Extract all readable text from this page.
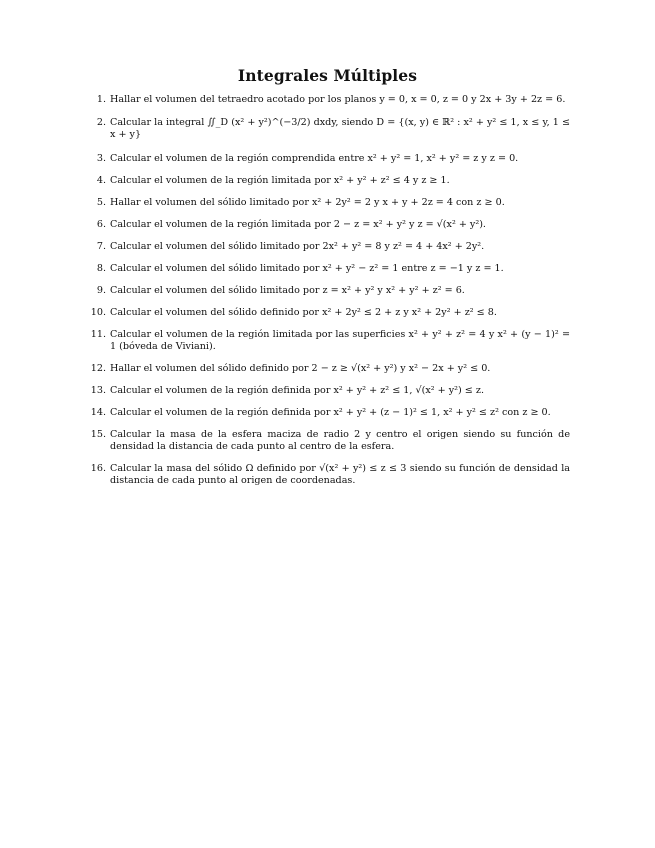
Integrales Múltiples
1. Hallar el volumen del tetraedro acotado por los planos y = 0, x = 0, z = 0 y 2x + 3y + 2z = 6.
2. Calcular la integral ∬_D (x² + y²)^(−3/2) dxdy, siendo D = {(x, y) ∈ ℝ² : x² + y² ≤ 1, x ≤ y, 1 ≤ x + y}
3. Calcular el volumen de la región comprendida entre x² + y² = 1, x² + y² = z y z = 0.
4. Calcular el volumen de la región limitada por x² + y² + z² ≤ 4 y z ≥ 1.
5. Hallar el volumen del sólido limitado por x² + 2y² = 2 y x + y + 2z = 4 con z ≥ 0.
6. Calcular el volumen de la región limitada por 2 − z = x² + y² y z = √(x² + y²).
7. Calcular el volumen del sólido limitado por 2x² + y² = 8 y z² = 4 + 4x² + 2y².
8. Calcular el volumen del sólido limitado por x² + y² − z² = 1 entre z = −1 y z = 1.
9. Calcular el volumen del sólido limitado por z = x² + y² y x² + y² + z² = 6.
10. Calcular el volumen del sólido definido por x² + 2y² ≤ 2 + z y x² + 2y² + z² ≤ 8.
11. Calcular el volumen de la región limitada por las superficies x² + y² + z² = 4 y x² + (y − 1)² = 1 (bóveda de Viviani).
12. Hallar el volumen del sólido definido por 2 − z ≥ √(x² + y²) y x² − 2x + y² ≤ 0.
13. Calcular el volumen de la región definida por x² + y² + z² ≤ 1, √(x² + y²) ≤ z.
14. Calcular el volumen de la región definida por x² + y² + (z − 1)² ≤ 1, x² + y² ≤ z² con z ≥ 0.
15. Calcular la masa de la esfera maciza de radio 2 y centro el origen siendo su función de densidad la distancia de cada punto al centro de la esfera.
16. Calcular la masa del sólido Ω definido por √(x² + y²) ≤ z ≤ 3 siendo su función de densidad la distancia de cada punto al origen de coordenadas.
